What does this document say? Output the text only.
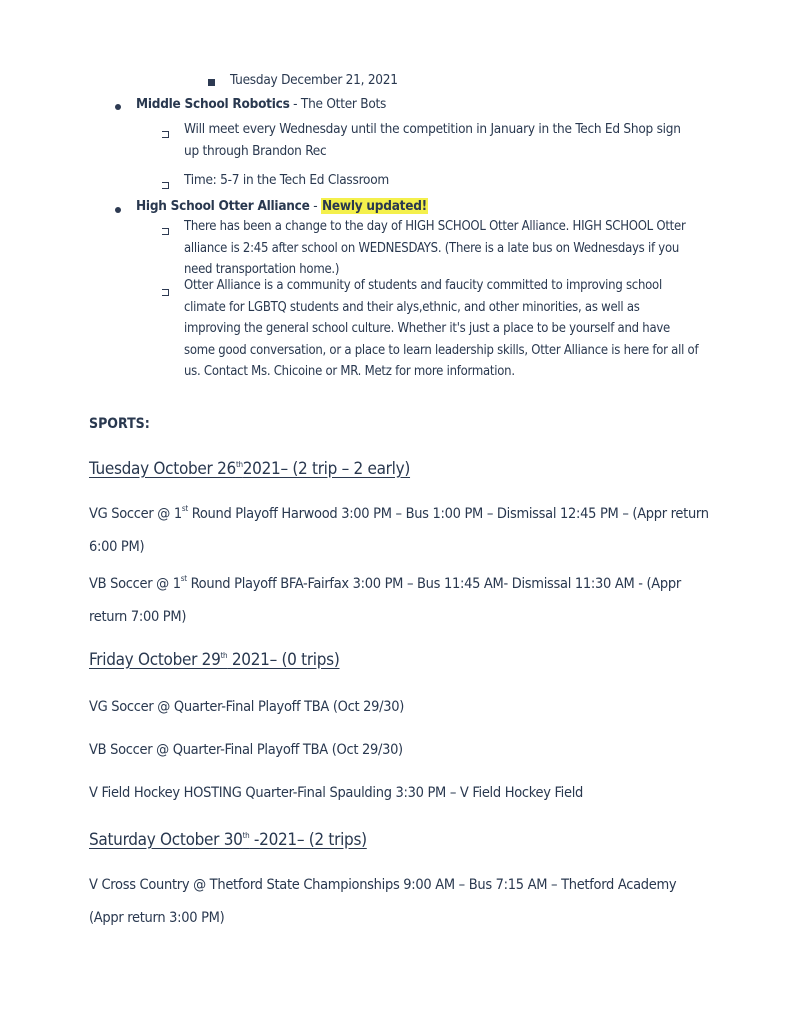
Tuesday December 21, 2021
Middle School Robotics - The Otter Bots
Will meet every Wednesday until the competition in January in the Tech Ed Shop sign up through Brandon Rec
Time: 5-7 in the Tech Ed Classroom
High School Otter Alliance - Newly updated!
There has been a change to the day of HIGH SCHOOL Otter Alliance. HIGH SCHOOL Otter alliance is 2:45 after school on WEDNESDAYS. (There is a late bus on Wednesdays if you need transportation home.)
Otter Alliance is a community of students and faucity committed to improving school climate for LGBTQ students and their alys,ethnic, and other minorities, as well as improving the general school culture. Whether it's just a place to be yourself and have some good conversation, or a place to learn leadership skills, Otter Alliance is here for all of us. Contact Ms. Chicoine or MR. Metz for more information.
SPORTS:
Tuesday October 26th2021– (2 trip – 2 early)
VG Soccer @ 1st Round Playoff Harwood 3:00 PM – Bus 1:00 PM – Dismissal 12:45 PM – (Appr return 6:00 PM)
VB Soccer @ 1st Round Playoff BFA-Fairfax 3:00 PM – Bus 11:45 AM- Dismissal 11:30 AM - (Appr return 7:00 PM)
Friday October 29th 2021– (0 trips)
VG Soccer @ Quarter-Final Playoff TBA (Oct 29/30)
VB Soccer @ Quarter-Final Playoff TBA (Oct 29/30)
V Field Hockey HOSTING Quarter-Final Spaulding 3:30 PM – V Field Hockey Field
Saturday October 30th -2021– (2 trips)
V Cross Country @ Thetford State Championships 9:00 AM – Bus 7:15 AM – Thetford Academy (Appr return 3:00 PM)
